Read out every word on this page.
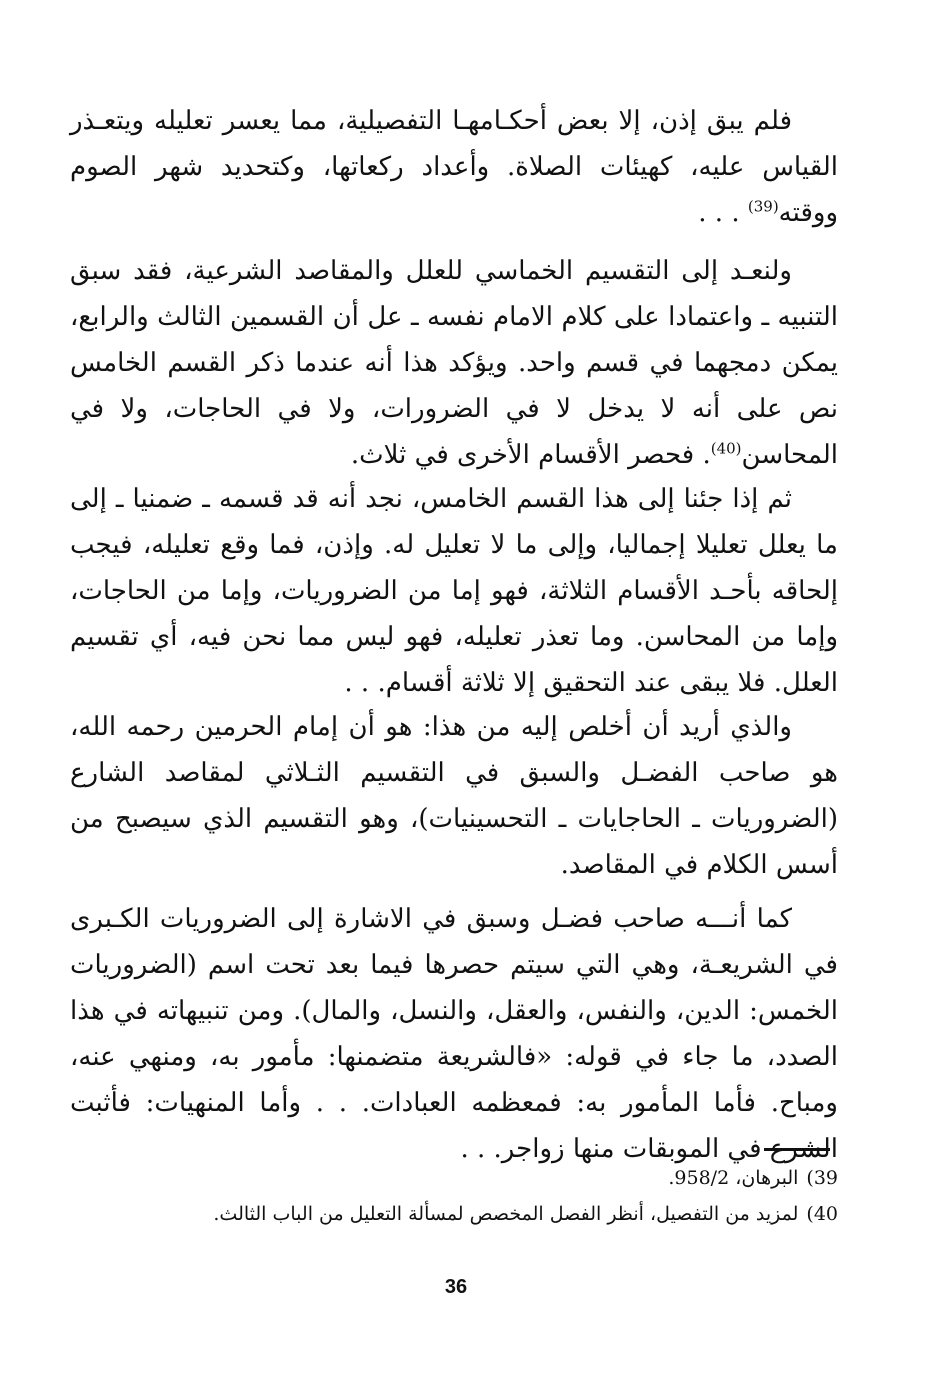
فلم يبق إذن، إلا بعض أحكـامهـا التفصيلية، مما يعسر تعليله ويتعـذر القياس عليه، كهيئات الصلاة. وأعداد ركعاتها، وكتحديد شهر الصوم ووقته$^{(39)}$ . . .

ولنعـد إلى التقسيم الخماسي للعلل والمقاصد الشرعية، فقد سبق التنبيه ـ واعتمادا على كلام الامام نفسه ـ عل أن القسمين الثالث والرابع، يمكن دمجهما في قسم واحد. ويؤكد هذا أنه عندما ذكر القسم الخامس نص على أنه لا يدخل لا في الضرورات، ولا في الحاجات، ولا في المحاسن$^{(40)}$. فحصر الأقسام الأخرى في ثلاث.

ثم إذا جئنا إلى هذا القسم الخامس، نجد أنه قد قسمه ـ ضمنيا ـ إلى ما يعلل تعليلا إجماليا، وإلى ما لا تعليل له. وإذن، فما وقع تعليله، فيجب إلحاقه بأحـد الأقسام الثلاثة، فهو إما من الضروريات، وإما من الحاجات، وإما من المحاسن. وما تعذر تعليله، فهو ليس مما نحن فيه، أي تقسيم العلل. فلا يبقى عند التحقيق إلا ثلاثة أقسام. . .

والذي أريد أن أخلص إليه من هذا: هو أن إمام الحرمين رحمه الله، هو صاحب الفضـل والسبق في التقسيم الثـلاثي لمقاصد الشارع (الضروريات ـ الحاجايات ـ التحسينيات)، وهو التقسيم الذي سيصبح من أسس الكلام في المقاصد.

كما أنـــه صاحب فضـل وسبق في الاشارة إلى الضروريات الكـبرى في الشريعـة، وهي التي سيتم حصرها فيما بعد تحت اسم (الضروريات الخمس: الدين، والنفس، والعقل، والنسل، والمال). ومن تنبيهاته في هذا الصدد، ما جاء في قوله: «فالشريعة متضمنها: مأمور به، ومنهي عنه، ومباح. فأما المأمور به: فمعظمه العبادات. . . وأما المنهيات: فأثبت الشرع في الموبقات منها زواجر. . .

39)البرهان، 958/2.

40)لمزيد من التفصيل، أنظر الفصل المخصص لمسألة التعليل من الباب الثالث.

36
